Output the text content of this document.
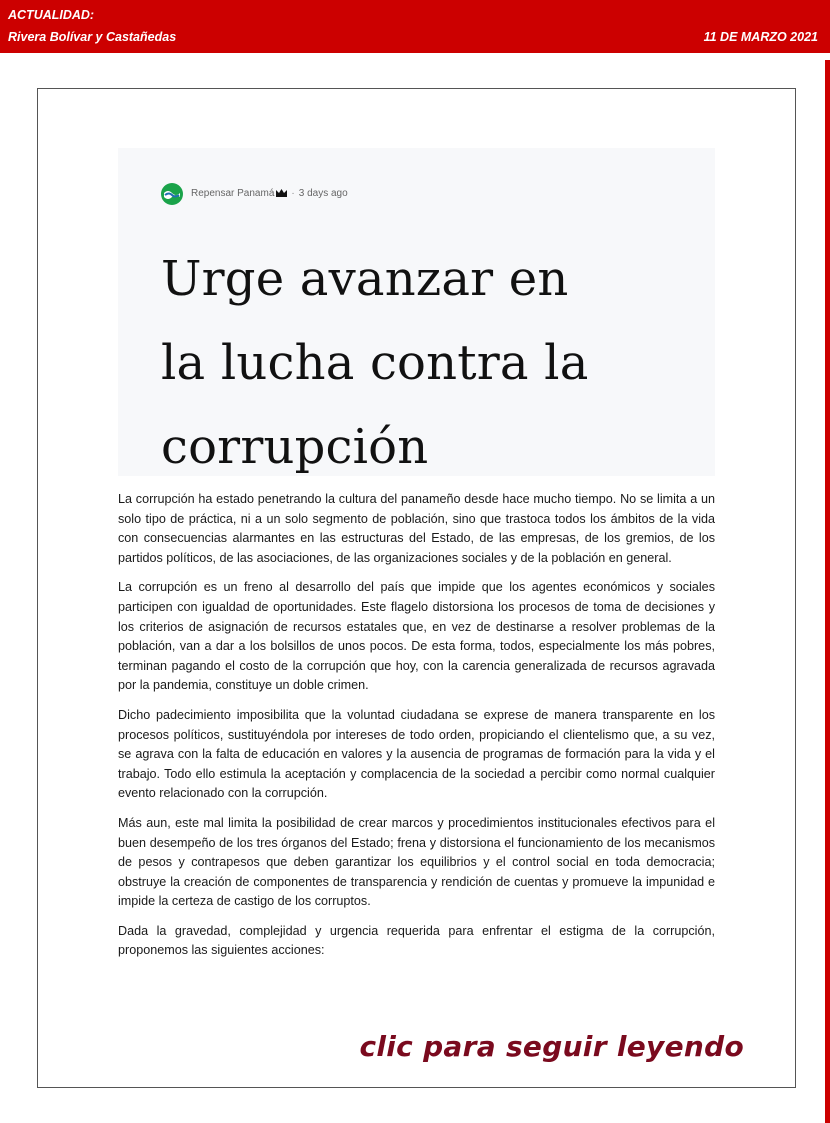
ACTUALIDAD:
Rivera Bolívar y Castañedas	11 DE MARZO 2021
Repensar Panamá · 3 days ago
Urge avanzar en
la lucha contra la
corrupción

La corrupción ha estado penetrando la cultura del panameño desde hace mucho tiempo. No se limita a un solo tipo de práctica, ni a un solo segmento de población, sino que trastoca todos los ámbitos de la vida con consecuencias alarmantes en las estructuras del Estado, de las empresas, de los gremios, de los partidos políticos, de las asociaciones, de las organizaciones sociales y de la población en general.

La corrupción es un freno al desarrollo del país que impide que los agentes económicos y sociales participen con igualdad de oportunidades. Este flagelo distorsiona los procesos de toma de decisiones y los criterios de asignación de recursos estatales que, en vez de destinarse a resolver problemas de la población, van a dar a los bolsillos de unos pocos. De esta forma, todos, especialmente los más pobres, terminan pagando el costo de la corrupción que hoy, con la carencia generalizada de recursos agravada por la pandemia, constituye un doble crimen.

Dicho padecimiento imposibilita que la voluntad ciudadana se exprese de manera transparente en los procesos políticos, sustituyéndola por intereses de todo orden, propiciando el clientelismo que, a su vez, se agrava con la falta de educación en valores y la ausencia de programas de formación para la vida y el trabajo. Todo ello estimula la aceptación y complacencia de la sociedad a percibir como normal cualquier evento relacionado con la corrupción.

Más aun, este mal limita la posibilidad de crear marcos y procedimientos institucionales efectivos para el buen desempeño de los tres órganos del Estado; frena y distorsiona el funcionamiento de los mecanismos de pesos y contrapesos que deben garantizar los equilibrios y el control social en toda democracia; obstruye la creación de componentes de transparencia y rendición de cuentas y promueve la impunidad e impide la certeza de castigo de los corruptos.

Dada la gravedad, complejidad y urgencia requerida para enfrentar el estigma de la corrupción, proponemos las siguientes acciones:

clic para seguir leyendo
